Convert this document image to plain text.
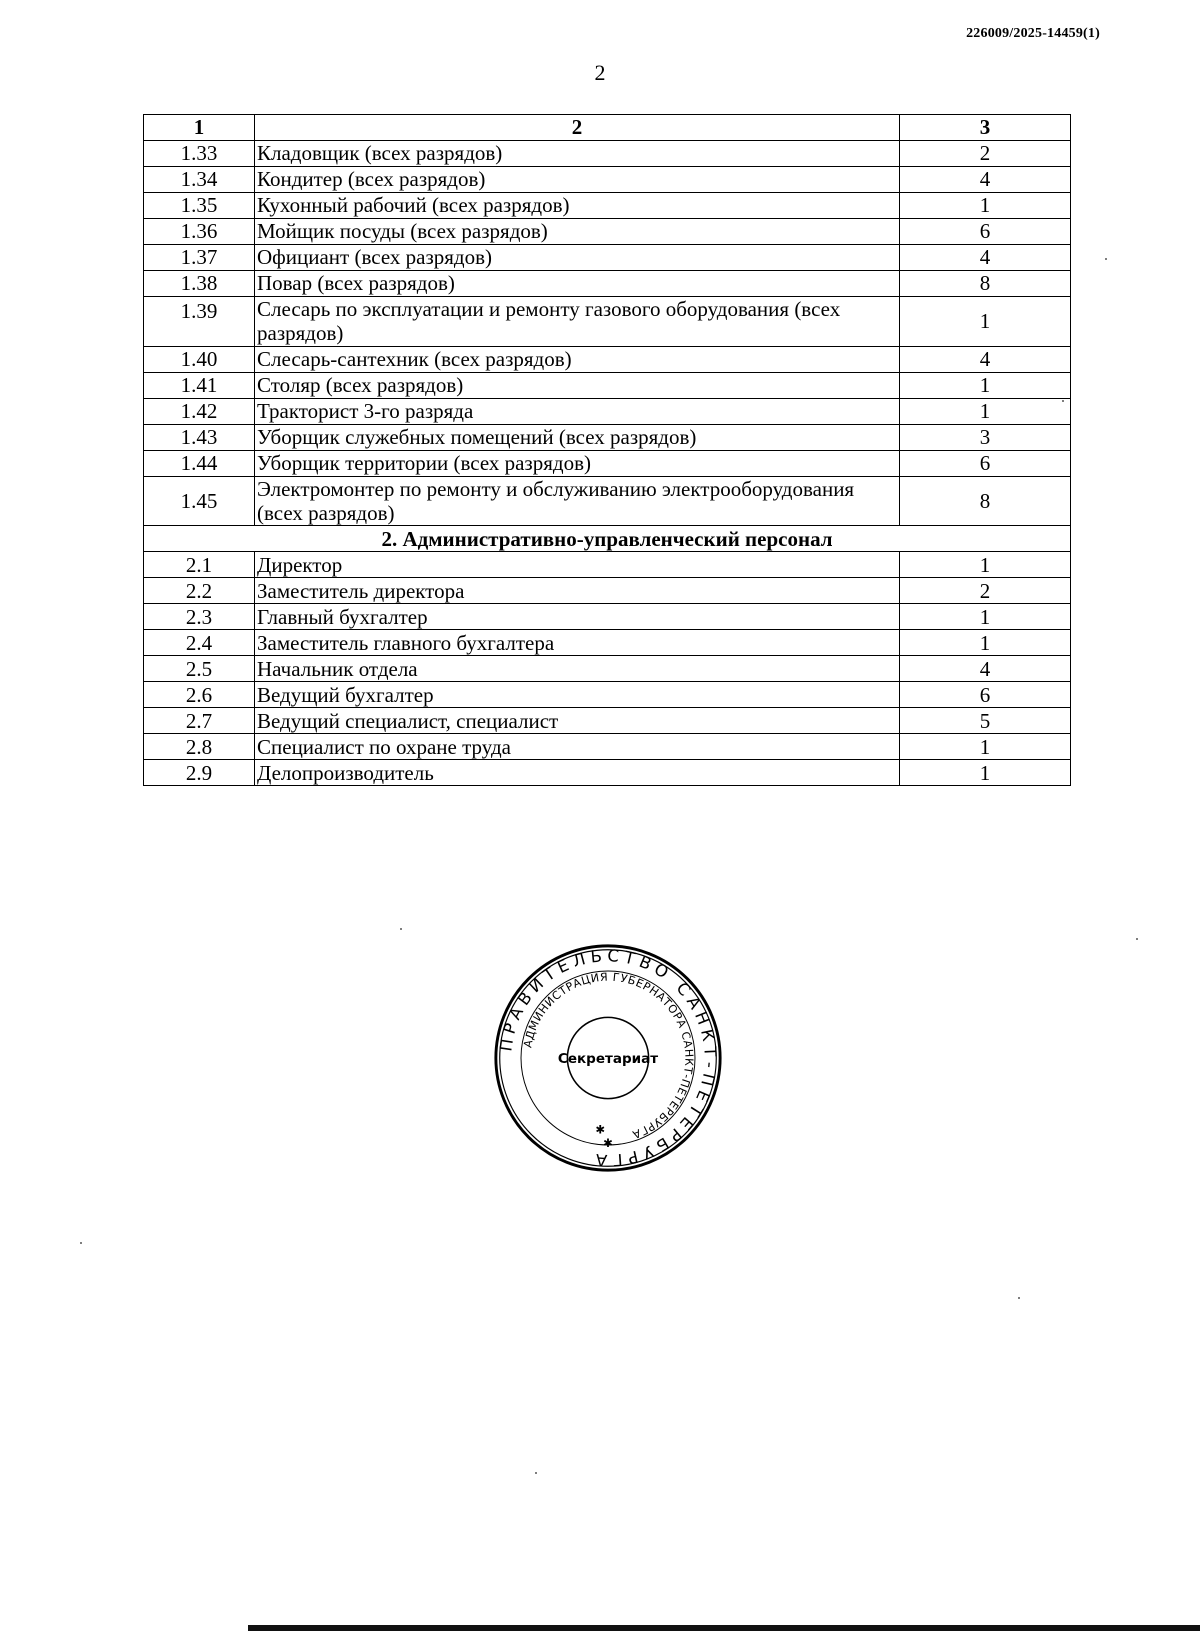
226009/2025-14459(1)
2
1	2	3
1.33	Кладовщик (всех разрядов)	2
1.34	Кондитер (всех разрядов)	4
1.35	Кухонный рабочий (всех разрядов)	1
1.36	Мойщик посуды (всех разрядов)	6
1.37	Официант (всех разрядов)	4
1.38	Повар (всех разрядов)	8
1.39	Слесарь по эксплуатации и ремонту газового оборудования (всех разрядов)	1
1.40	Слесарь-сантехник (всех разрядов)	4
1.41	Столяр (всех разрядов)	1
1.42	Тракторист 3-го разряда	1
1.43	Уборщик служебных помещений (всех разрядов)	3
1.44	Уборщик территории (всех разрядов)	6
1.45	Электромонтер по ремонту и обслуживанию электрооборудования (всех разрядов)	8
2. Административно-управленческий персонал		
2.1	Директор	1
2.2	Заместитель директора	2
2.3	Главный бухгалтер	1
2.4	Заместитель главного бухгалтера	1
2.5	Начальник отдела	4
2.6	Ведущий бухгалтер	6
2.7	Ведущий специалист, специалист	5
2.8	Специалист по охране труда	1
2.9	Делопроизводитель	1
ПРАВИТЕЛЬСТВО САНКТ-ПЕТЕРБУРГА
АДМИНИСТРАЦИЯ ГУБЕРНАТОРА САНКТ-ПЕТЕРБУРГА
Секретариат
✱
✱
